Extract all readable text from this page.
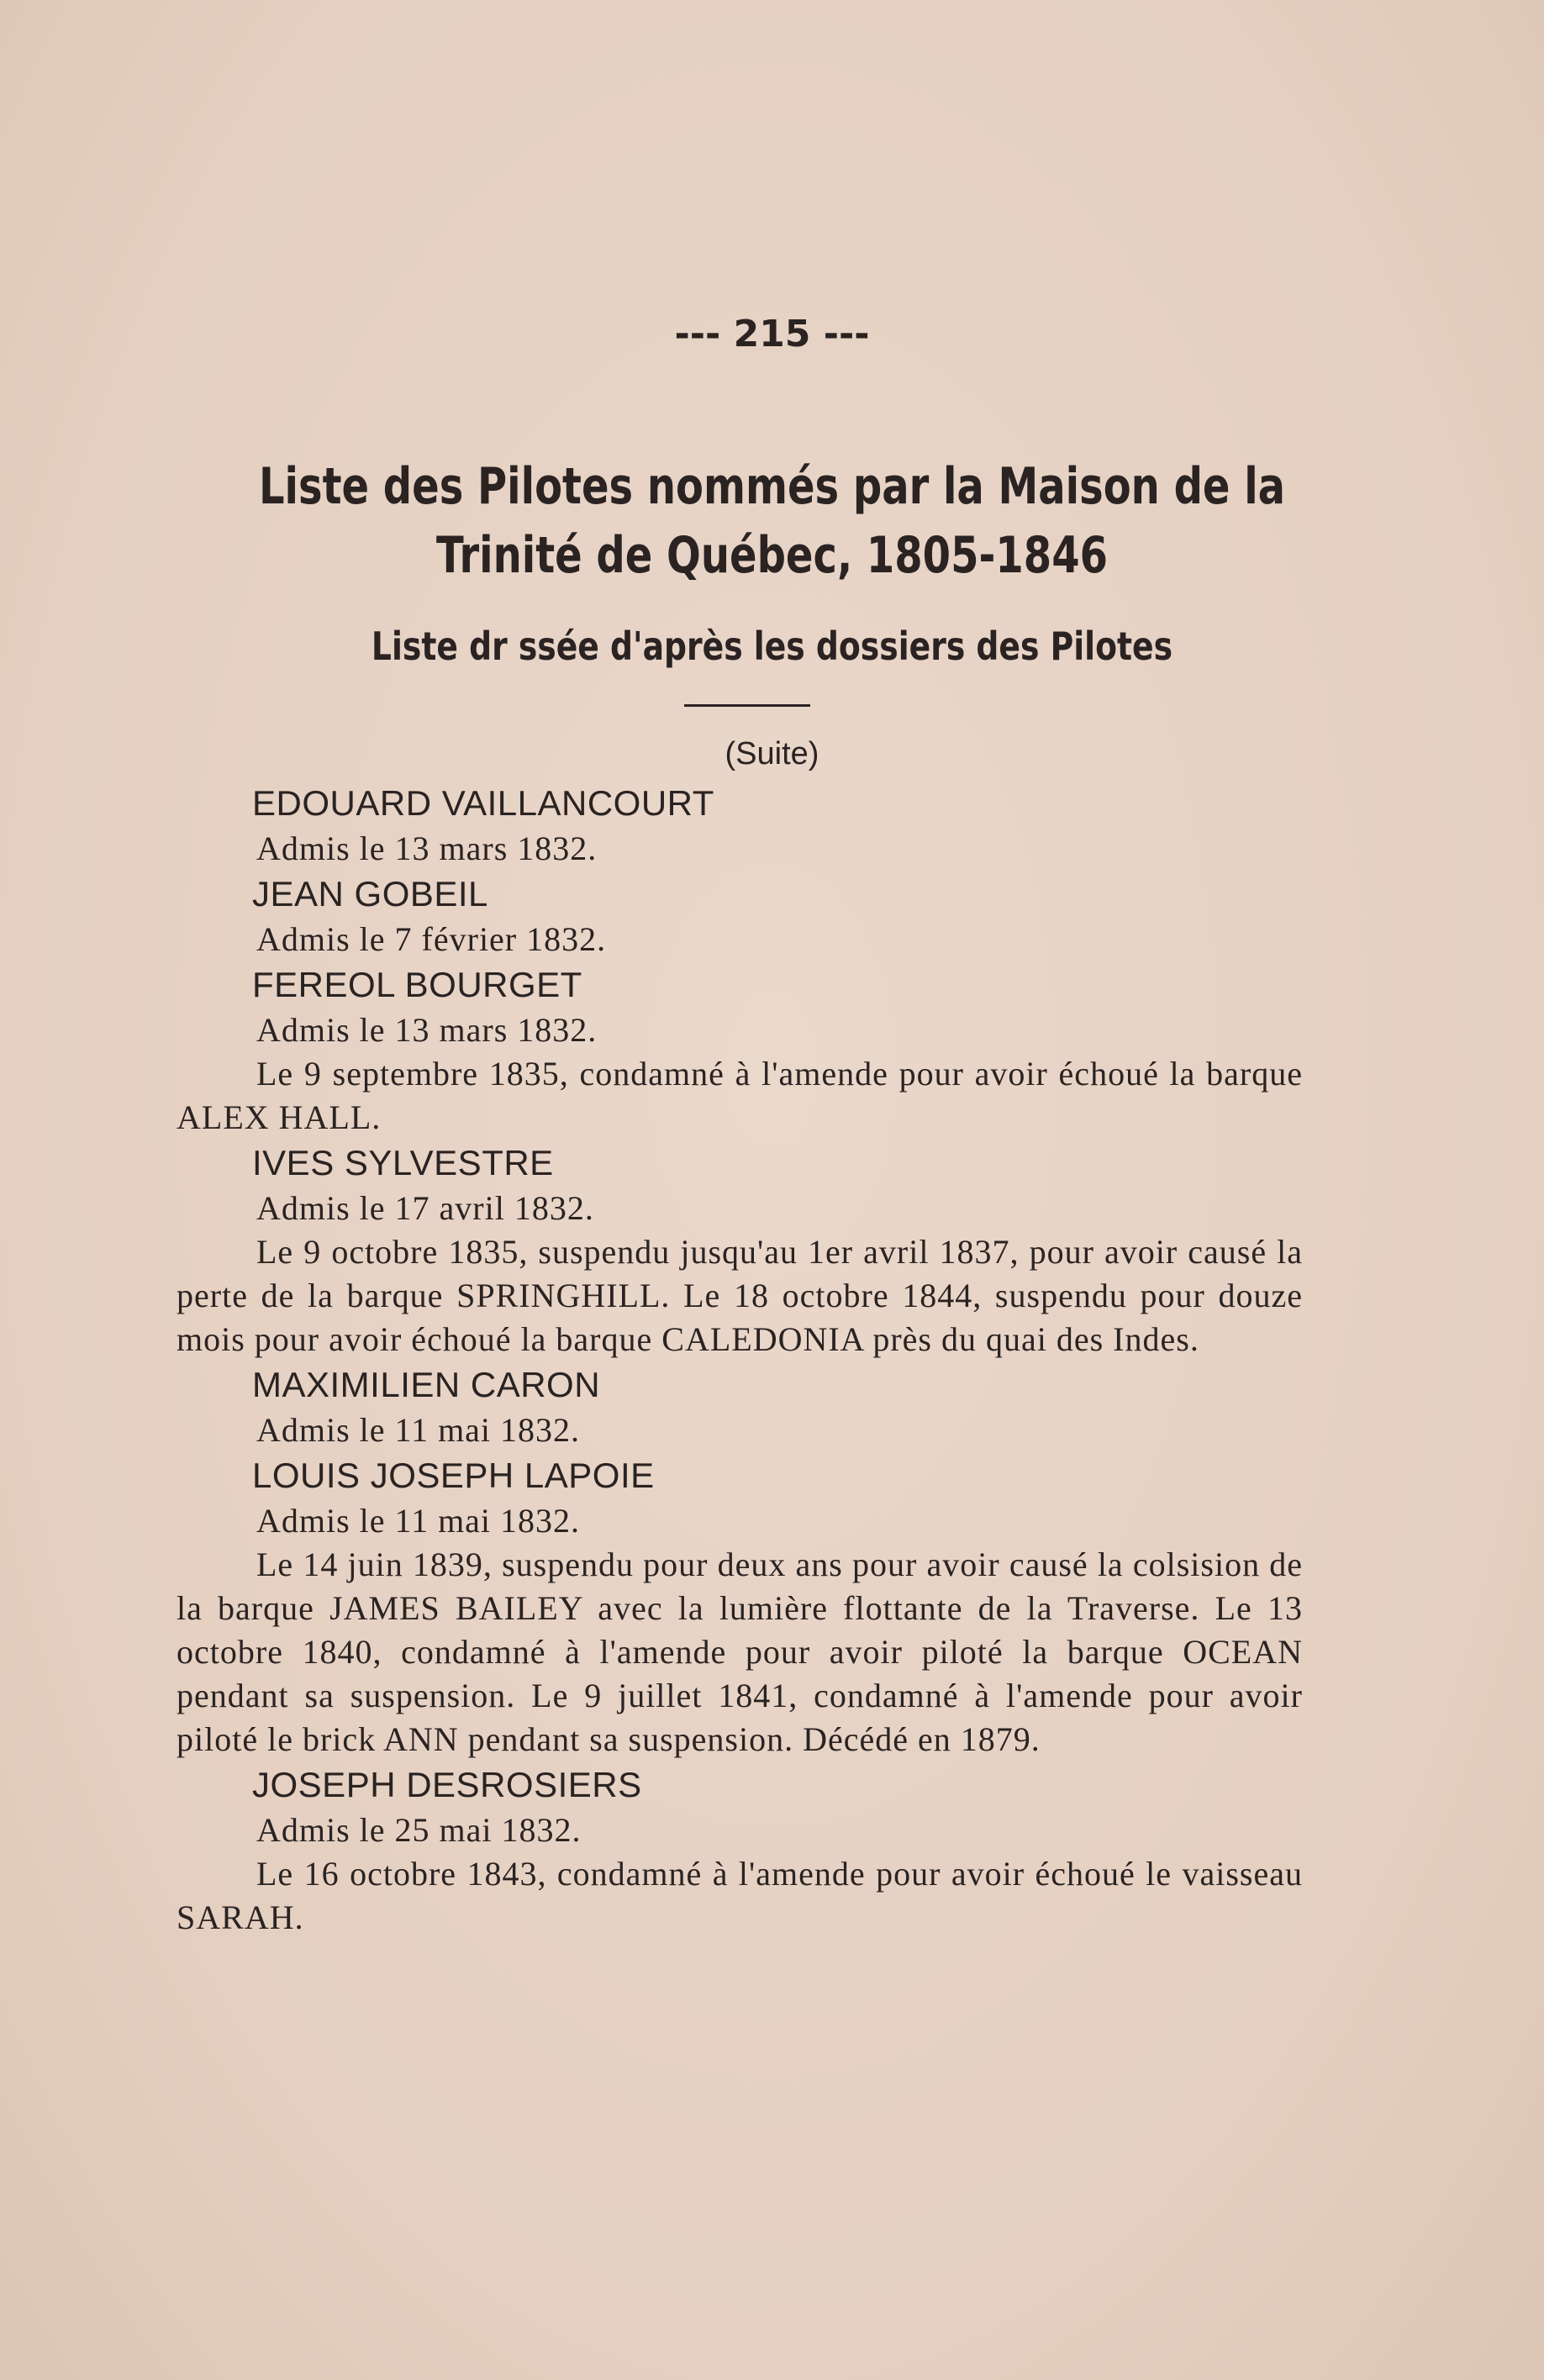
--- 215 ---
Liste des Pilotes nommés par la Maison de la Trinité de Québec, 1805-1846
Liste dr ssée d'après les dossiers des Pilotes
(Suite)
EDOUARD VAILLANCOURT
Admis le 13 mars 1832.
JEAN GOBEIL
Admis le 7 février 1832.
FEREOL BOURGET
Admis le 13 mars 1832.
Le 9 septembre 1835, condamné à l'amende pour avoir échoué la barque ALEX HALL.
IVES SYLVESTRE
Admis le 17 avril 1832.
Le 9 octobre 1835, suspendu jusqu'au 1er avril 1837, pour avoir causé la perte de la barque SPRINGHILL. Le 18 octobre 1844, suspendu pour douze mois pour avoir échoué la barque CALEDONIA près du quai des Indes.
MAXIMILIEN CARON
Admis le 11 mai 1832.
LOUIS JOSEPH LAPOIE
Admis le 11 mai 1832.
Le 14 juin 1839, suspendu pour deux ans pour avoir causé la colsision de la barque JAMES BAILEY avec la lumière flottante de la Traverse. Le 13 octobre 1840, condamné à l'amende pour avoir piloté la barque OCEAN pendant sa suspension. Le 9 juillet 1841, condamné à l'amende pour avoir piloté le brick ANN pendant sa suspension. Décédé en 1879.
JOSEPH DESROSIERS
Admis le 25 mai 1832.
Le 16 octobre 1843, condamné à l'amende pour avoir échoué le vaisseau SARAH.
